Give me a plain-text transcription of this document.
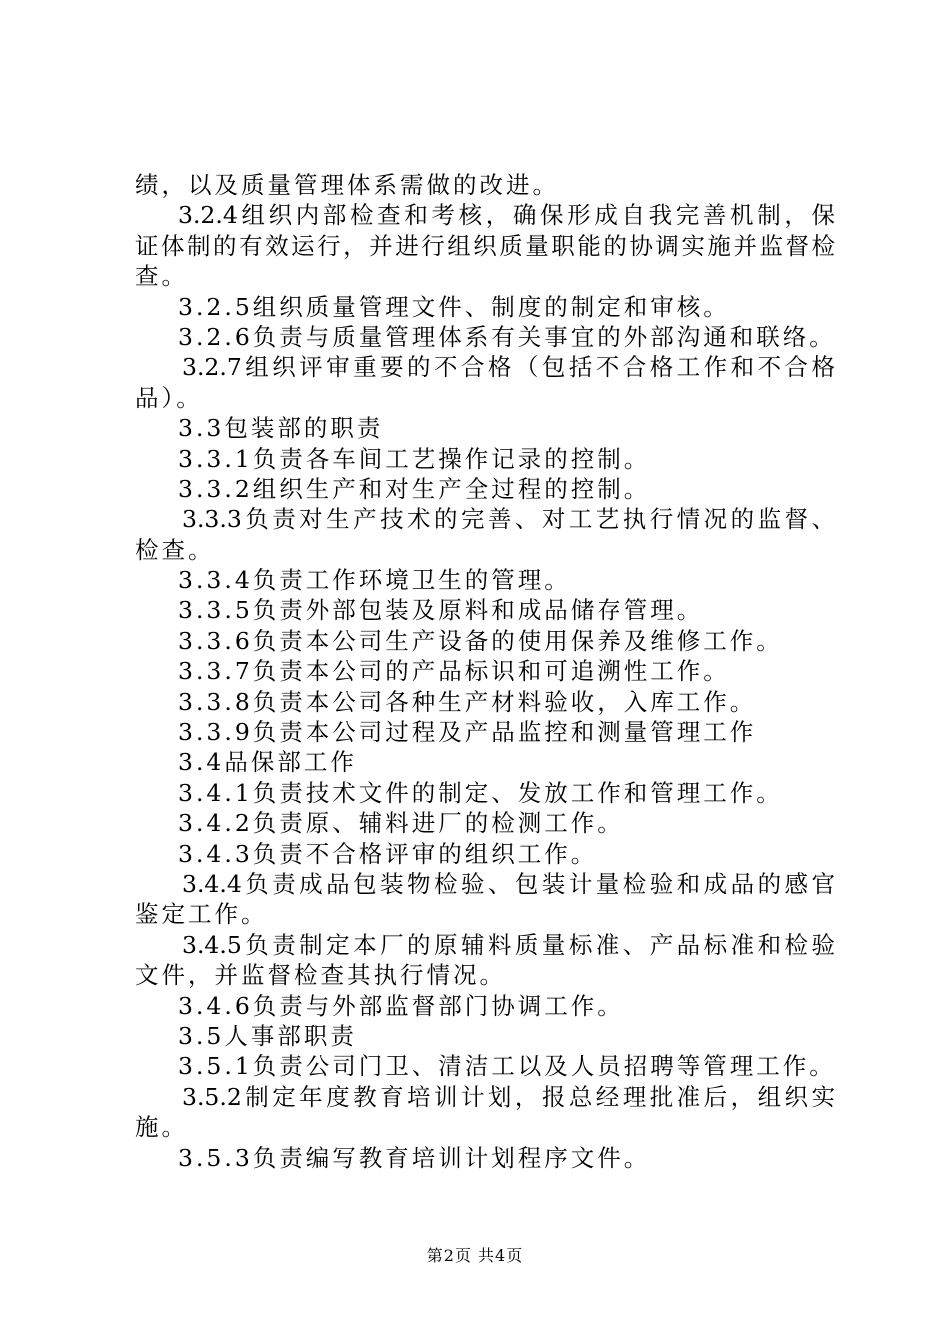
绩，以及质量管理体系需做的改进。
3.2.4组织内部检查和考核，确保形成自我完善机制，保
证体制的有效运行，并进行组织质量职能的协调实施并监督检
查。
3.2.5组织质量管理文件、制度的制定和审核。
3.2.6负责与质量管理体系有关事宜的外部沟通和联络。
3.2.7组织评审重要的不合格（包括不合格工作和不合格
品）。
3.3包装部的职责
3.3.1负责各车间工艺操作记录的控制。
3.3.2组织生产和对生产全过程的控制。
3.3.3负责对生产技术的完善、对工艺执行情况的监督、
检查。
3.3.4负责工作环境卫生的管理。
3.3.5负责外部包装及原料和成品储存管理。
3.3.6负责本公司生产设备的使用保养及维修工作。
3.3.7负责本公司的产品标识和可追溯性工作。
3.3.8负责本公司各种生产材料验收，入库工作。
3.3.9负责本公司过程及产品监控和测量管理工作
3.4品保部工作
3.4.1负责技术文件的制定、发放工作和管理工作。
3.4.2负责原、辅料进厂的检测工作。
3.4.3负责不合格评审的组织工作。
3.4.4负责成品包装物检验、包装计量检验和成品的感官
鉴定工作。
3.4.5负责制定本厂的原辅料质量标准、产品标准和检验
文件，并监督检查其执行情况。
3.4.6负责与外部监督部门协调工作。
3.5人事部职责
3.5.1负责公司门卫、清洁工以及人员招聘等管理工作。
3.5.2制定年度教育培训计划，报总经理批准后，组织实
施。
3.5.3负责编写教育培训计划程序文件。
第2页 共4页
